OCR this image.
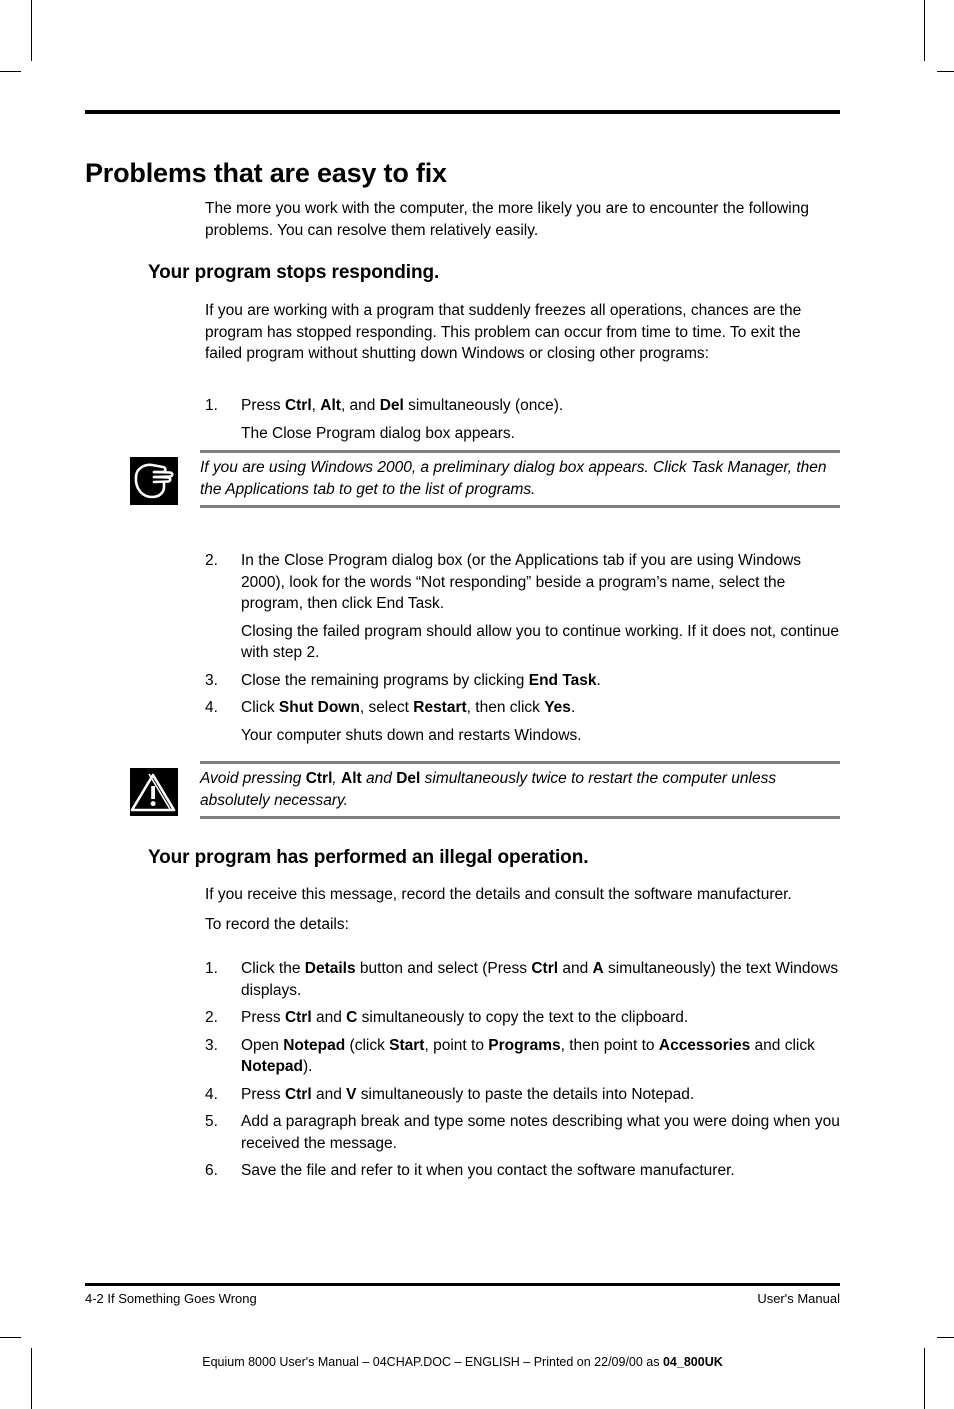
Problems that are easy to fix

The more you work with the computer, the more likely you are to encounter the following problems. You can resolve them relatively easily.

Your program stops responding.

If you are working with a program that suddenly freezes all operations, chances are the program has stopped responding. This problem can occur from time to time. To exit the failed program without shutting down Windows or closing other programs:

1.	Press Ctrl, Alt, and Del simultaneously (once).
The Close Program dialog box appears.
If you are using Windows 2000, a preliminary dialog box appears. Click Task Manager, then the Applications tab to get to the list of programs.
2.	In the Close Program dialog box (or the Applications tab if you are using Windows 2000), look for the words “Not responding” beside a program’s name, select the program, then click End Task.
Closing the failed program should allow you to continue working. If it does not, continue with step 2.
3.	Close the remaining programs by clicking End Task.
4.	Click Shut Down, select Restart, then click Yes.
Your computer shuts down and restarts Windows.
Avoid pressing Ctrl, Alt and Del simultaneously twice to restart the computer unless absolutely necessary.
Your program has performed an illegal operation.

If you receive this message, record the details and consult the software manufacturer.

To record the details:

1.	Click the Details button and select (Press Ctrl and A simultaneously) the text Windows displays.
2.	Press Ctrl and C simultaneously to copy the text to the clipboard.
3.	Open Notepad (click Start, point to Programs, then point to Accessories and click Notepad).
4.	Press Ctrl and V simultaneously to paste the details into Notepad.
5.	Add a paragraph break and type some notes describing what you were doing when you received the message.
6.	Save the file and refer to it when you contact the software manufacturer.
4-2 If Something Goes Wrong	User's Manual
Equium 8000 User's Manual – 04CHAP.DOC – ENGLISH – Printed on 22/09/00 as 04_800UK
